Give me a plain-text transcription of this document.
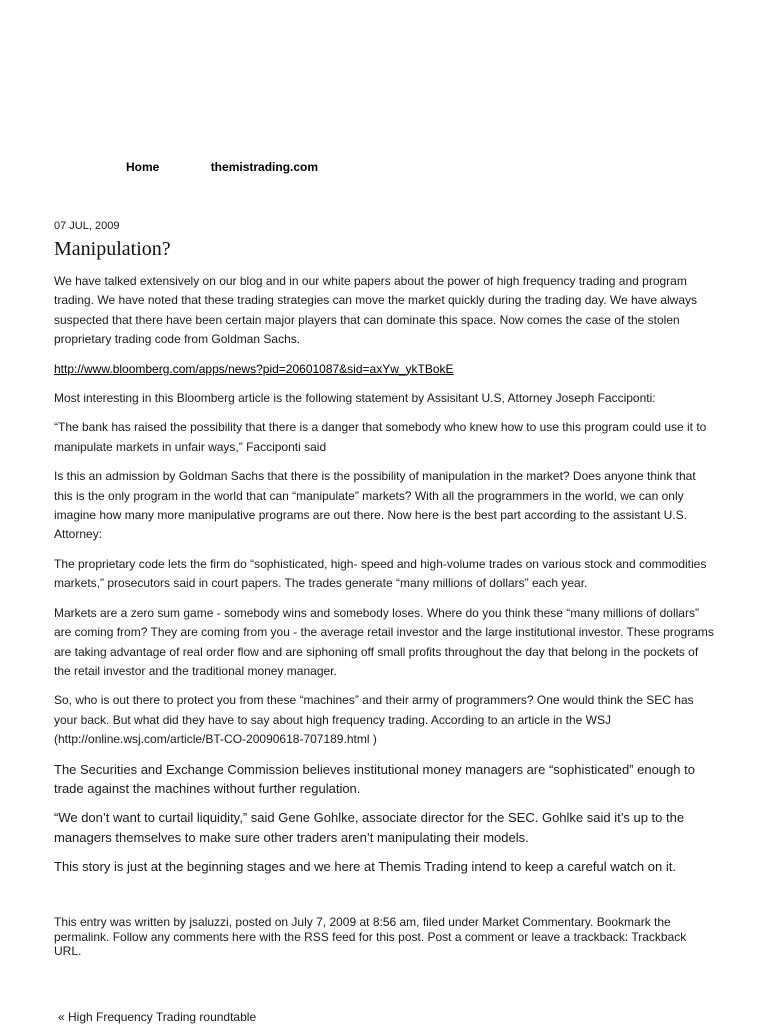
Home	themistrading.com
07 JUL, 2009
Manipulation?

We have talked extensively on our blog and in our white papers about the power of high frequency trading and program trading. We have noted that these trading strategies can move the market quickly during the trading day. We have always suspected that there have been certain major players that can dominate this space. Now comes the case of the stolen proprietary trading code from Goldman Sachs.

http://www.bloomberg.com/apps/news?pid=20601087&sid=axYw_ykTBokE

Most interesting in this Bloomberg article is the following statement by Assisitant U.S, Attorney Joseph Facciponti:

“The bank has raised the possibility that there is a danger that somebody who knew how to use this program could use it to manipulate markets in unfair ways,” Facciponti said

Is this an admission by Goldman Sachs that there is the possibility of manipulation in the market? Does anyone think that this is the only program in the world that can “manipulate” markets? With all the programmers in the world, we can only imagine how many more manipulative programs are out there. Now here is the best part according to the assistant U.S. Attorney:

The proprietary code lets the firm do “sophisticated, high- speed and high-volume trades on various stock and commodities markets,” prosecutors said in court papers. The trades generate “many millions of dollars” each year.

Markets are a zero sum game - somebody wins and somebody loses. Where do you think these “many millions of dollars” are coming from? They are coming from you - the average retail investor and the large institutional investor. These programs are taking advantage of real order flow and are siphoning off small profits throughout the day that belong in the pockets of the retail investor and the traditional money manager.

So, who is out there to protect you from these “machines” and their army of programmers? One would think the SEC has your back. But what did they have to say about high frequency trading. According to an article in the WSJ (http://online.wsj.com/article/BT-CO-20090618-707189.html )

The Securities and Exchange Commission believes institutional money managers are “sophisticated” enough to trade against the machines without further regulation.

“We don’t want to curtail liquidity,” said Gene Gohlke, associate director for the SEC. Gohlke said it’s up to the managers themselves to make sure other traders aren’t manipulating their models.

This story is just at the beginning stages and we here at Themis Trading intend to keep a careful watch on it.

This entry was written by jsaluzzi, posted on July 7, 2009 at 8:56 am, filed under Market Commentary. Bookmark the permalink. Follow any comments here with the RSS feed for this post. Post a comment or leave a trackback: Trackback URL.
« High Frequency Trading roundtable
